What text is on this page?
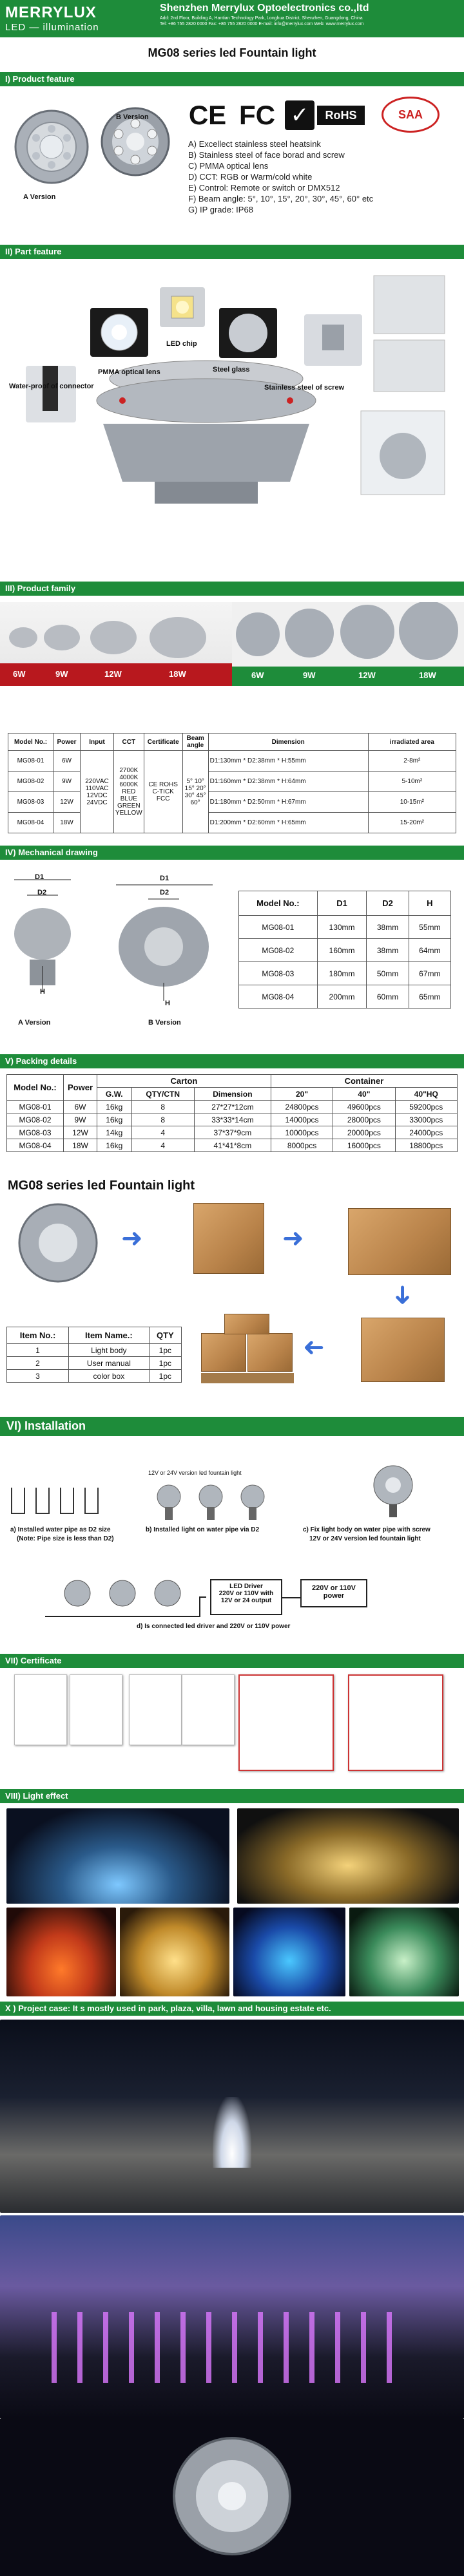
MERRYLUX
LED — illumination
Shenzhen Merrylux Optoelectronics co.,ltd
Add: 2nd Floor, Building A, Hantian Technology Park, Longhua District, Shenzhen, Guangdong, China
Tel: +86 755 2820 0000 Fax: +86 755 2820 0000 E-mail: info@merrylux.com Web: www.merrylux.com
MG08 series led Fountain light
I) Product feature
A Version
B Version CE FC ✓	RoHS	SAA
A) Excellect stainless steel heatsink
B) Stainless steel of face borad and screw
C) PMMA optical lens
D) CCT: RGB or Warm/cold white
E) Control: Remote or switch or DMX512
F) Beam angle: 5°, 10°, 15°, 20°, 30°, 45°, 60° etc
G) IP grade: IP68
II) Part feature
LED chip
PMMA optical lens	Steel glass
Water-proof of connector	Stainless steel of screw
III) Product family
6W	9W	12W	18W	6W	9W	12W	18W
Model No.:	Power	Input	CCT	Certificate	Beam angle	Dimension	irradiated area
MG08-01	6W	220VAC 110VAC 12VDC 24VDC	2700K 4000K 6000K RED BLUE GREEN YELLOW	CE ROHS C-TICK FCC	5° 10° 15° 20° 30° 45° 60°	D1:130mm * D2:38mm * H:55mm	2-8m²
MG08-02	9W					D1:160mm * D2:38mm * H:64mm	5-10m²
MG08-03	12W					D1:180mm * D2:50mm * H:67mm	10-15m²
MG08-04	18W					D1:200mm * D2:60mm * H:65mm	15-20m²
IV) Mechanical drawing
D1
D2
H
D1
D2
H
A Version	B Version
Model No.:	D1	D2	H
MG08-01	130mm	38mm	55mm
MG08-02	160mm	38mm	64mm
MG08-03	180mm	50mm	67mm
MG08-04	200mm	60mm	65mm
V) Packing details
Model No.:	Power	Carton			Container		
		G.W.	QTY/CTN	Dimension	20"	40"	40"HQ
MG08-01	6W	16kg	8	27*27*12cm	24800pcs	49600pcs	59200pcs
MG08-02	9W	16kg	8	33*33*14cm	14000pcs	28000pcs	33000pcs
MG08-03	12W	14kg	4	37*37*9cm	10000pcs	20000pcs	24000pcs
MG08-04	18W	16kg	4	41*41*8cm	8000pcs	16000pcs	18800pcs
MG08 series led Fountain light
➜	➜
➜
➜
Item No.:	Item Name.:	QTY
1	Light body	1pc
2	User manual	1pc
3	color box	1pc
VI) Installation
12V or 24V version led fountain light
a) Installed water pipe as D2 size
(Note: Pipe size is less than D2)
b) Installed light on water pipe via D2	c) Fix light body on water pipe with screw
12V or 24V version led fountain light
LED Driver
220V or 110V with
12V or 24 output
220V or 110V
power
d) Is connected led driver and 220V or 110V power
VII) Certificate
VIII) Light effect
X ) Project case: It s mostly used in park, plaza, villa, lawn and housing estate etc.
